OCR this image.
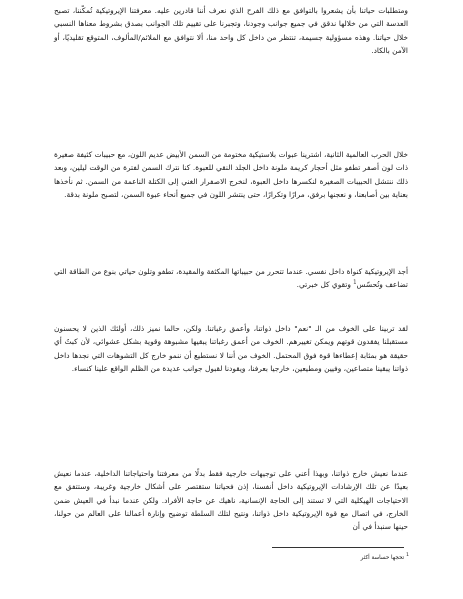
ومتطلبات حياتنا بأن يشعروا بالتوافق مع ذلك الفرح الذي نعرف أننا قادرين عليه. معرفتنا الإيروتيكية تُمكّننا، تصبح العدسة التي من خلالها ندقق في جميع جوانب وجودنا، وتجبرنا على تقييم تلك الجوانب بصدق بشروط معناها النسبي خلال حياتنا. وهذه مسؤولية جسيمة، تنتظر من داخل كل واحد منا، ألا نتوافق مع الملائم/المألوف، المتوقع تقليديًا، أو الآمن بالكاد.

خلال الحرب العالمية الثانية، اشترينا عبوات بلاستيكية مختومة من السمن الأبيض عديم اللون، مع حبيبات كثيفة صغيرة ذات لون أصفر تطفو مثل أحجار كريمة ملونة داخل الجلد النقي للعبوة. كنا نترك السمن لفترة من الوقت ليلين، وبعد ذلك ننتشل الحبيبات الصغيرة لنكسرها داخل العبوة، لنخرج الاصفرار الغني إلى الكتلة الناعمة من السمن. ثم نأخذها بعناية بين أصابعنا، و نعجنها برفق، مرارًا وتكرارًا، حتى ينتشر اللون في جميع أنحاء عبوة السمن، لتصبح ملونة بدقة.

أجد الإيروتيكية كنواة داخل نفسي. عندما تتحرر من حبيباتها المكثفة والمقيدة، تطفو وتلون حياتي بنوع من الطاقة التي تضاعف وتُحسّس$^1$ وتقوي كل خبرتي.

لقد تربينا على الخوف من الـ "نعم" داخل ذواتنا، وأعمق رغباتنا. ولكن، حالما نميز ذلك، أولئك الذين لا يحسنون مستقبلنا يفقدون قوتهم ويمكن تغييرهم. الخوف من أعمق رغباتنا يبقيها مشبوهة وقوية بشكل عشوائي، لأن كبتُ أي حقيقة هو بمثابة إعطاءها قوة فوق المحتمل. الخوف من أننا لا نستطيع أن ننمو خارج كل التشوهات التي نجدها داخل ذواتنا يبقينا متصاعين، وفيين ومطيعين، خارجيا بعرفنا، ويقودنا لقبول جوانب عديدة من الظلم الواقع علينا كنساء.

عندما نعيش خارج ذواتنا، وبهذا أعني على توجيهات خارجية فقط بدلًا من معرفتنا واحتياجاتنا الداخلية، عندما نعيش بعيدًا عن تلك الإرشادات الإيروتيكية داخل أنفسنا، إذن فحياتنا ستقتصر على أشكال خارجية وغريبة، وستتفق مع الاحتياجات الهيكلية التي لا تستند إلى الحاجة الإنسانية، ناهيك عن حاجة الأفراد. ولكن عندما نبدأ في العيش ضمن الخارج، في اتصال مع قوة الإيروتيكية داخل ذواتنا، ونتيح لتلك السلطة توضيح وإنارة أعمالنا على العالم من حولنا، حينها سنبدأ في أن

$^1$تحجها حساسة أكثر
